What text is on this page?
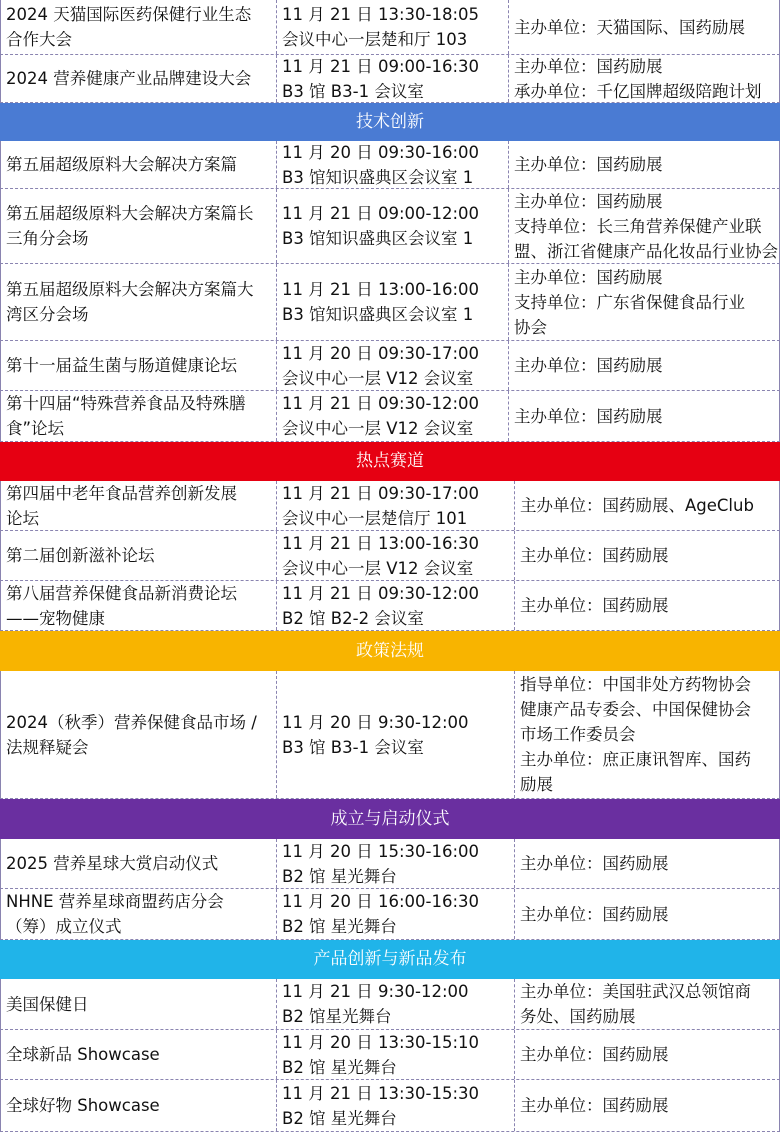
2024 天猫国际医药保健行业生态
合作大会
11 月 21 日 13:30-18:05
会议中心一层楚和厅 103
主办单位：天猫国际、国药励展
2024 营养健康产业品牌建设大会
11 月 21 日 09:00-16:30
B3 馆 B3-1 会议室
主办单位：国药励展
承办单位：千亿国牌超级陪跑计划
技术创新
第五届超级原料大会解决方案篇
11 月 20 日 09:30-16:00
B3 馆知识盛典区会议室 1
主办单位：国药励展
第五届超级原料大会解决方案篇长
三角分会场
11 月 21 日 09:00-12:00
B3 馆知识盛典区会议室 1
主办单位：国药励展
支持单位：长三角营养保健产业联
盟、浙江省健康产品化妆品行业协会
第五届超级原料大会解决方案篇大
湾区分会场
11 月 21 日 13:00-16:00
B3 馆知识盛典区会议室 1
主办单位：国药励展
支持单位：广东省保健食品行业
协会
第十一届益生菌与肠道健康论坛
11 月 20 日 09:30-17:00
会议中心一层 V12 会议室
主办单位：国药励展
第十四届“特殊营养食品及特殊膳
食”论坛
11 月 21 日 09:30-12:00
会议中心一层 V12 会议室
主办单位：国药励展
热点赛道
第四届中老年食品营养创新发展
论坛
11 月 21 日 09:30-17:00
会议中心一层楚信厅 101
主办单位：国药励展、AgeClub
第二届创新滋补论坛
11 月 21 日 13:00-16:30
会议中心一层 V12 会议室
主办单位：国药励展
第八届营养保健食品新消费论坛
——宠物健康
11 月 21 日 09:30-12:00
B2 馆 B2-2 会议室
主办单位：国药励展
政策法规
2024（秋季）营养保健食品市场 /
法规释疑会
11 月 20 日 9:30-12:00
B3 馆 B3-1 会议室
指导单位：中国非处方药物协会
健康产品专委会、中国保健协会
市场工作委员会
主办单位：庶正康讯智库、国药
励展
成立与启动仪式
2025 营养星球大赏启动仪式
11 月 20 日 15:30-16:00
B2 馆 星光舞台
主办单位：国药励展
NHNE 营养星球商盟药店分会
（筹）成立仪式
11 月 20 日 16:00-16:30
B2 馆 星光舞台
主办单位：国药励展
产品创新与新品发布
美国保健日
11 月 21 日 9:30-12:00
B2 馆星光舞台
主办单位：美国驻武汉总领馆商
务处、国药励展
全球新品 Showcase
11 月 20 日 13:30-15:10
B2 馆 星光舞台
主办单位：国药励展
全球好物 Showcase
11 月 21 日 13:30-15:30
B2 馆 星光舞台
主办单位：国药励展
